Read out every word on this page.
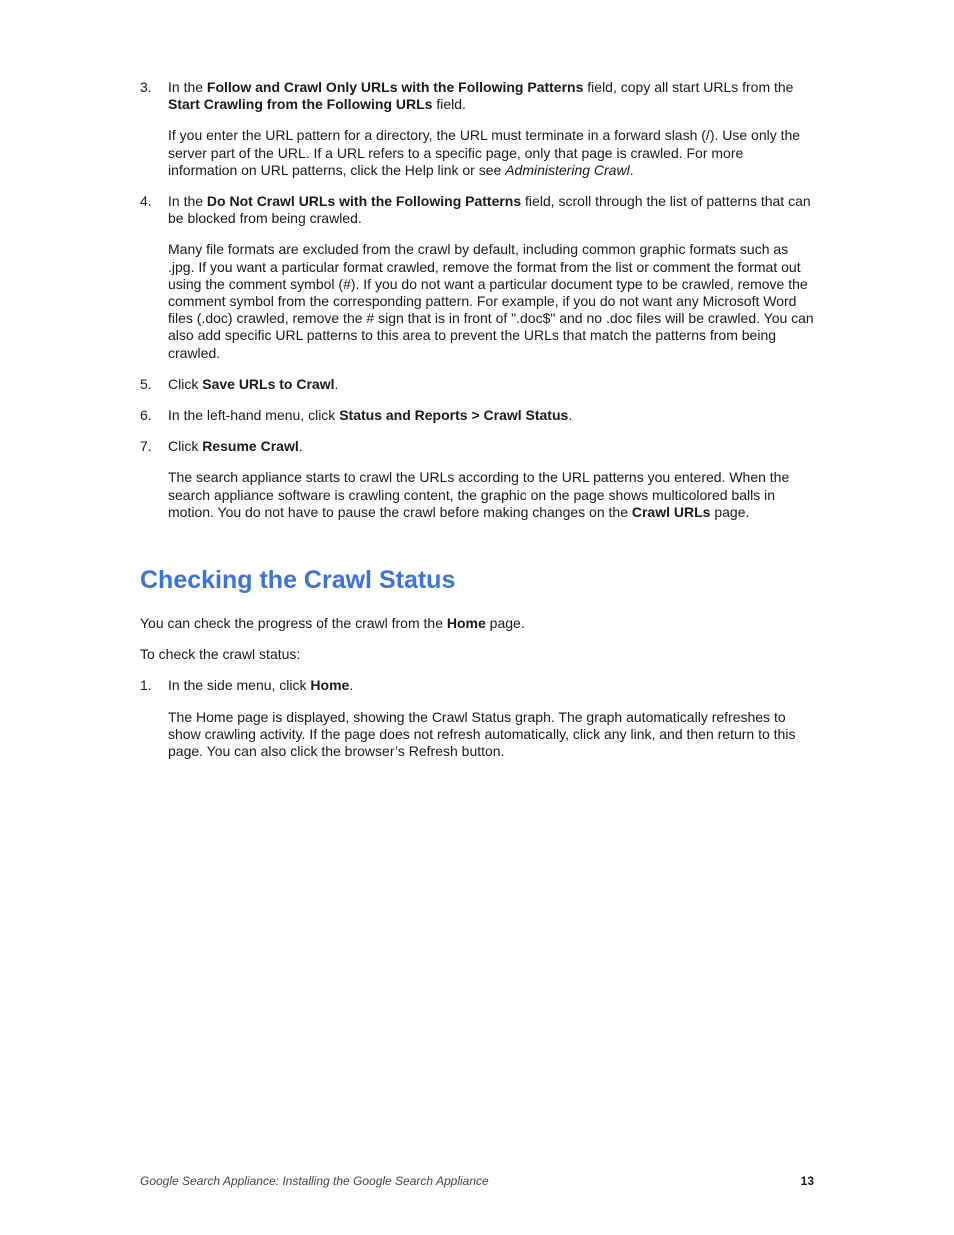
3. In the Follow and Crawl Only URLs with the Following Patterns field, copy all start URLs from the Start Crawling from the Following URLs field.

If you enter the URL pattern for a directory, the URL must terminate in a forward slash (/). Use only the server part of the URL. If a URL refers to a specific page, only that page is crawled. For more information on URL patterns, click the Help link or see Administering Crawl.

4. In the Do Not Crawl URLs with the Following Patterns field, scroll through the list of patterns that can be blocked from being crawled.

Many file formats are excluded from the crawl by default, including common graphic formats such as .jpg. If you want a particular format crawled, remove the format from the list or comment the format out using the comment symbol (#). If you do not want a particular document type to be crawled, remove the comment symbol from the corresponding pattern. For example, if you do not want any Microsoft Word files (.doc) crawled, remove the # sign that is in front of ".doc$" and no .doc files will be crawled. You can also add specific URL patterns to this area to prevent the URLs that match the patterns from being crawled.

5. Click Save URLs to Crawl.

6. In the left-hand menu, click Status and Reports > Crawl Status.

7. Click Resume Crawl.

The search appliance starts to crawl the URLs according to the URL patterns you entered. When the search appliance software is crawling content, the graphic on the page shows multicolored balls in motion. You do not have to pause the crawl before making changes on the Crawl URLs page.

Checking the Crawl Status

You can check the progress of the crawl from the Home page.

To check the crawl status:

1. In the side menu, click Home.

The Home page is displayed, showing the Crawl Status graph. The graph automatically refreshes to show crawling activity. If the page does not refresh automatically, click any link, and then return to this page. You can also click the browser’s Refresh button.

Google Search Appliance: Installing the Google Search Appliance	13
